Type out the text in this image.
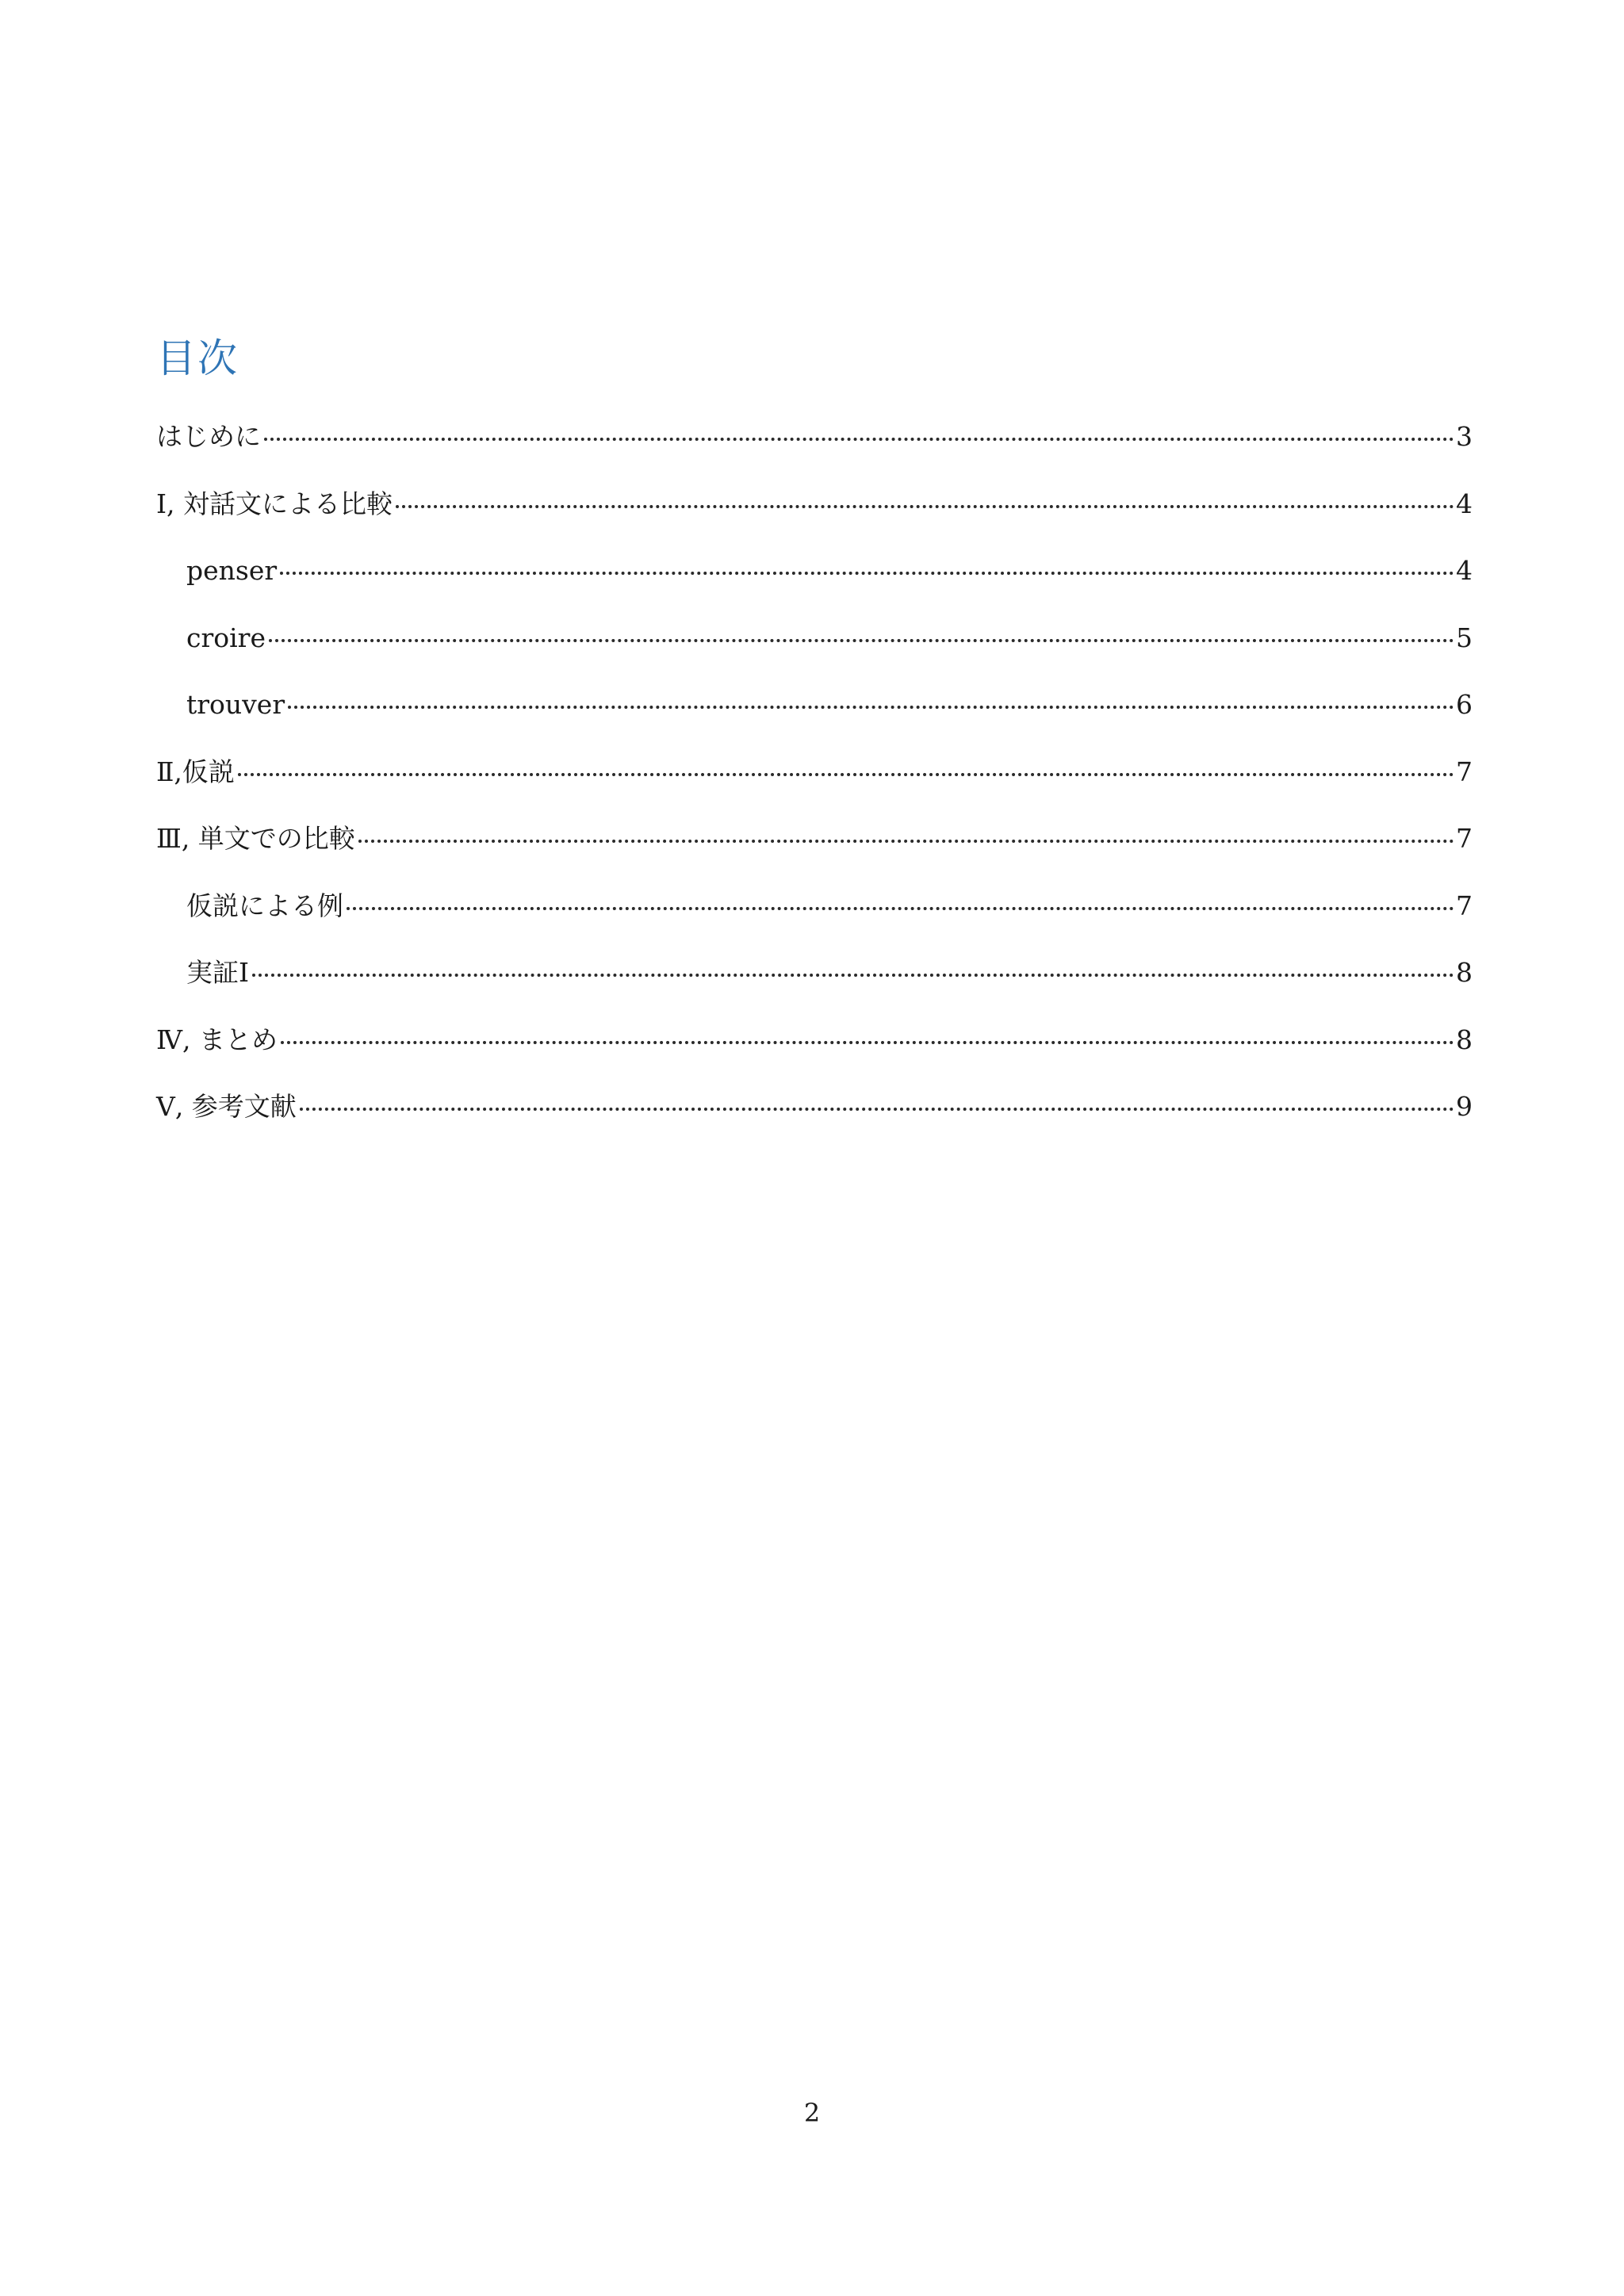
目次
はじめに	3
Ⅰ, 対話文による比較	4
penser	4
croire	5
trouver	6
Ⅱ,仮説	7
Ⅲ, 単文での比較	7
仮説による例	7
実証Ⅰ	8
Ⅳ, まとめ	8
Ⅴ, 参考文献	9
2
